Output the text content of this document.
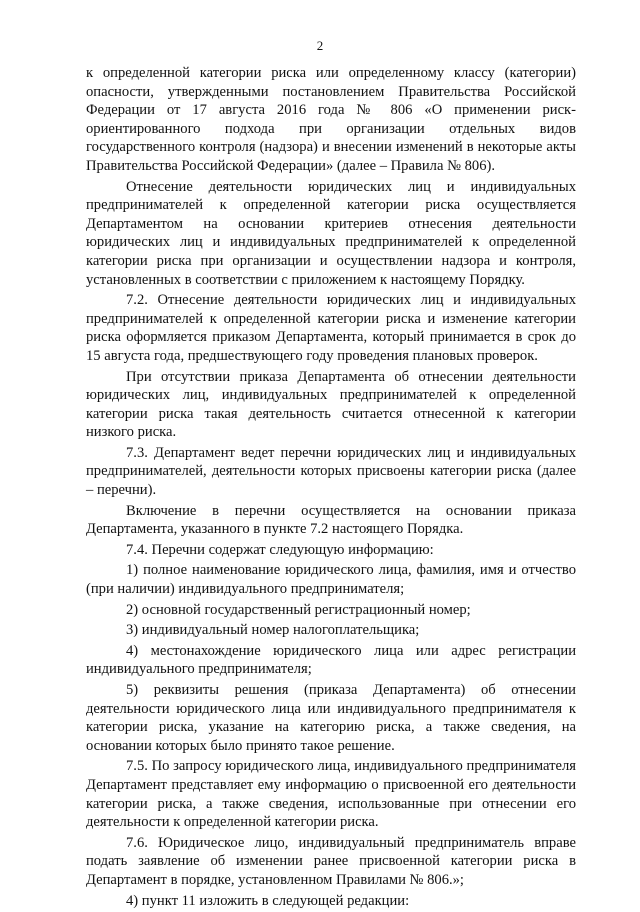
2

к определенной категории риска или определенному классу (категории) опасности, утвержденными постановлением Правительства Российской Федерации от 17 августа 2016 года № 806 «О применении риск-ориентированного подхода при организации отдельных видов государственного контроля (надзора) и внесении изменений в некоторые акты Правительства Российской Федерации» (далее – Правила № 806).

Отнесение деятельности юридических лиц и индивидуальных предпринимателей к определенной категории риска осуществляется Департаментом на основании критериев отнесения деятельности юридических лиц и индивидуальных предпринимателей к определенной категории риска при организации и осуществлении надзора и контроля, установленных в соответствии с приложением к настоящему Порядку.

7.2. Отнесение деятельности юридических лиц и индивидуальных предпринимателей к определенной категории риска и изменение категории риска оформляется приказом Департамента, который принимается в срок до 15 августа года, предшествующего году проведения плановых проверок.

При отсутствии приказа Департамента об отнесении деятельности юридических лиц, индивидуальных предпринимателей к определенной категории риска такая деятельность считается отнесенной к категории низкого риска.

7.3. Департамент ведет перечни юридических лиц и индивидуальных предпринимателей, деятельности которых присвоены категории риска (далее – перечни).

Включение в перечни осуществляется на основании приказа Департамента, указанного в пункте 7.2 настоящего Порядка.

7.4. Перечни содержат следующую информацию:

1) полное наименование юридического лица, фамилия, имя и отчество (при наличии) индивидуального предпринимателя;

2) основной государственный регистрационный номер;

3) индивидуальный номер налогоплательщика;

4) местонахождение юридического лица или адрес регистрации индивидуального предпринимателя;

5) реквизиты решения (приказа Департамента) об отнесении деятельности юридического лица или индивидуального предпринимателя к категории риска, указание на категорию риска, а также сведения, на основании которых было принято такое решение.

7.5. По запросу юридического лица, индивидуального предпринимателя Департамент представляет ему информацию о присвоенной его деятельности категории риска, а также сведения, использованные при отнесении его деятельности к определенной категории риска.

7.6. Юридическое лицо, индивидуальный предприниматель вправе подать заявление об изменении ранее присвоенной категории риска в Департамент в порядке, установленном Правилами № 806.»;

4) пункт 11 изложить в следующей редакции:
